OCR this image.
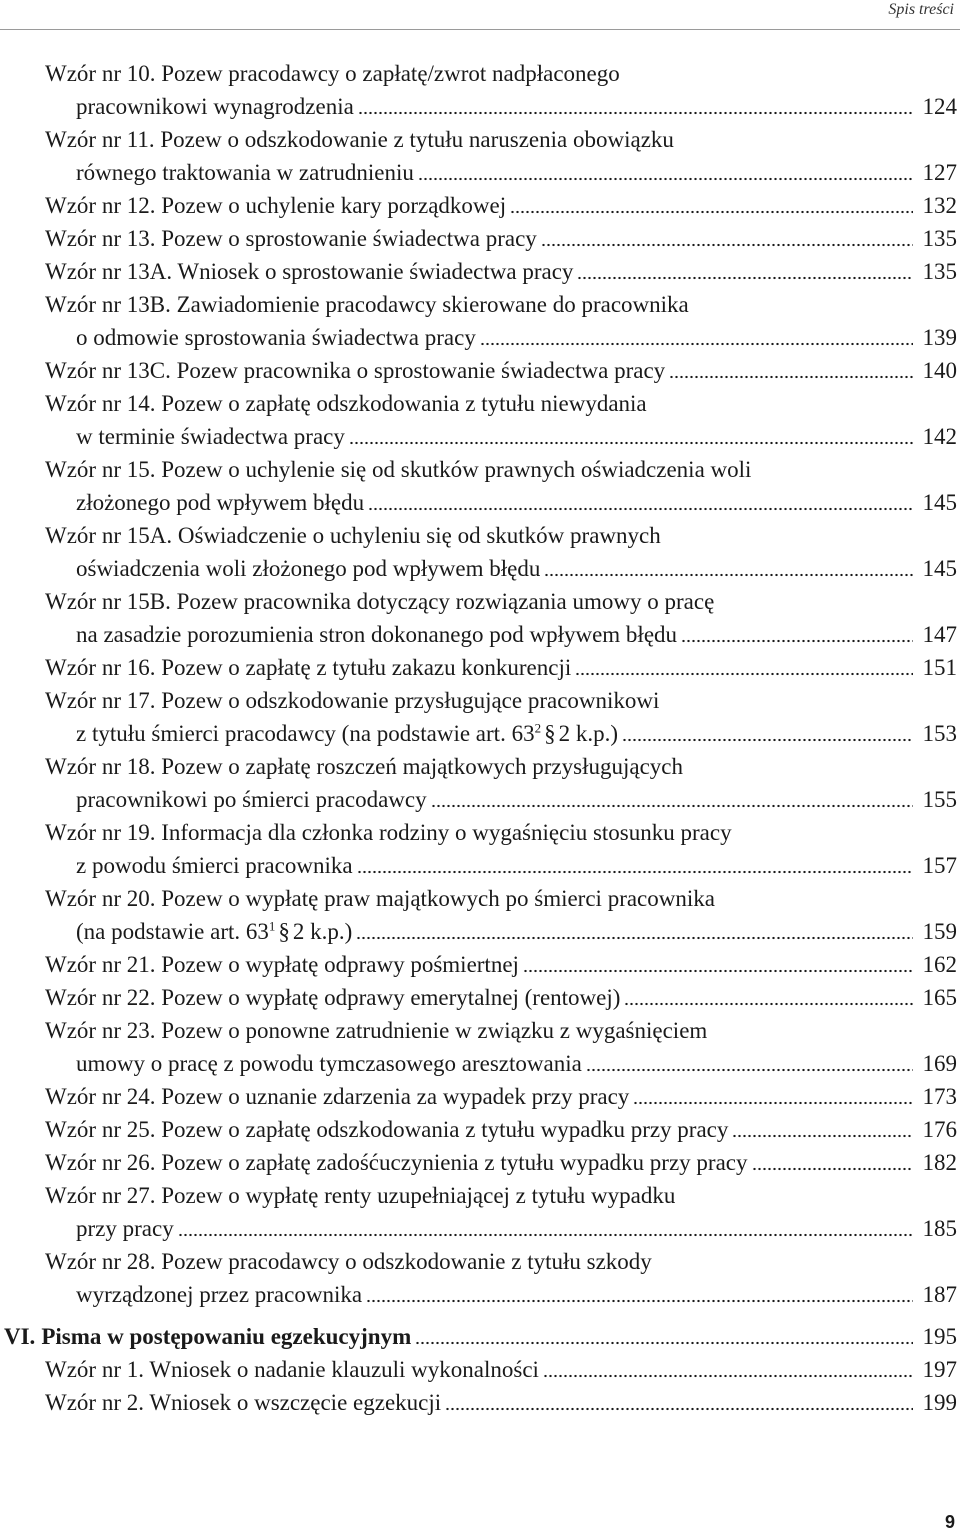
Spis treści
Wzór nr 10. Pozew pracodawcy o zapłatę/zwrot nadpłaconego
pracownikowi wynagrodzenia	124
Wzór nr 11. Pozew o odszkodowanie z tytułu naruszenia obowiązku
równego traktowania w zatrudnieniu	127
Wzór nr 12. Pozew o uchylenie kary porządkowej	132
Wzór nr 13. Pozew o sprostowanie świadectwa pracy	135
Wzór nr 13A. Wniosek o sprostowanie świadectwa pracy	135
Wzór nr 13B. Zawiadomienie pracodawcy skierowane do pracownika
o odmowie sprostowania świadectwa pracy	139
Wzór nr 13C. Pozew pracownika o sprostowanie świadectwa pracy	140
Wzór nr 14. Pozew o zapłatę odszkodowania z tytułu niewydania
w terminie świadectwa pracy	142
Wzór nr 15. Pozew o uchylenie się od skutków prawnych oświadczenia woli
złożonego pod wpływem błędu	145
Wzór nr 15A. Oświadczenie o uchyleniu się od skutków prawnych
oświadczenia woli złożonego pod wpływem błędu	145
Wzór nr 15B. Pozew pracownika dotyczący rozwiązania umowy o pracę
na zasadzie porozumienia stron dokonanego pod wpływem błędu	147
Wzór nr 16. Pozew o zapłatę z tytułu zakazu konkurencji	151
Wzór nr 17. Pozew o odszkodowanie przysługujące pracownikowi
z tytułu śmierci pracodawcy (na podstawie art. $63^2$ § 2 k.p.)	153
Wzór nr 18. Pozew o zapłatę roszczeń majątkowych przysługujących
pracownikowi po śmierci pracodawcy	155
Wzór nr 19. Informacja dla członka rodziny o wygaśnięciu stosunku pracy
z powodu śmierci pracownika	157
Wzór nr 20. Pozew o wypłatę praw majątkowych po śmierci pracownika
(na podstawie art. $63^1$ § 2 k.p.)	159
Wzór nr 21. Pozew o wypłatę odprawy pośmiertnej	162
Wzór nr 22. Pozew o wypłatę odprawy emerytalnej (rentowej)	165
Wzór nr 23. Pozew o ponowne zatrudnienie w związku z wygaśnięciem
umowy o pracę z powodu tymczasowego aresztowania	169
Wzór nr 24. Pozew o uznanie zdarzenia za wypadek przy pracy	173
Wzór nr 25. Pozew o zapłatę odszkodowania z tytułu wypadku przy pracy	176
Wzór nr 26. Pozew o zapłatę zadośćuczynienia z tytułu wypadku przy pracy	182
Wzór nr 27. Pozew o wypłatę renty uzupełniającej z tytułu wypadku
przy pracy	185
Wzór nr 28. Pozew pracodawcy o odszkodowanie z tytułu szkody
wyrządzonej przez pracownika	187
VI. Pisma w postępowaniu egzekucyjnym	195
Wzór nr 1. Wniosek o nadanie klauzuli wykonalności	197
Wzór nr 2. Wniosek o wszczęcie egzekucji	199
9
